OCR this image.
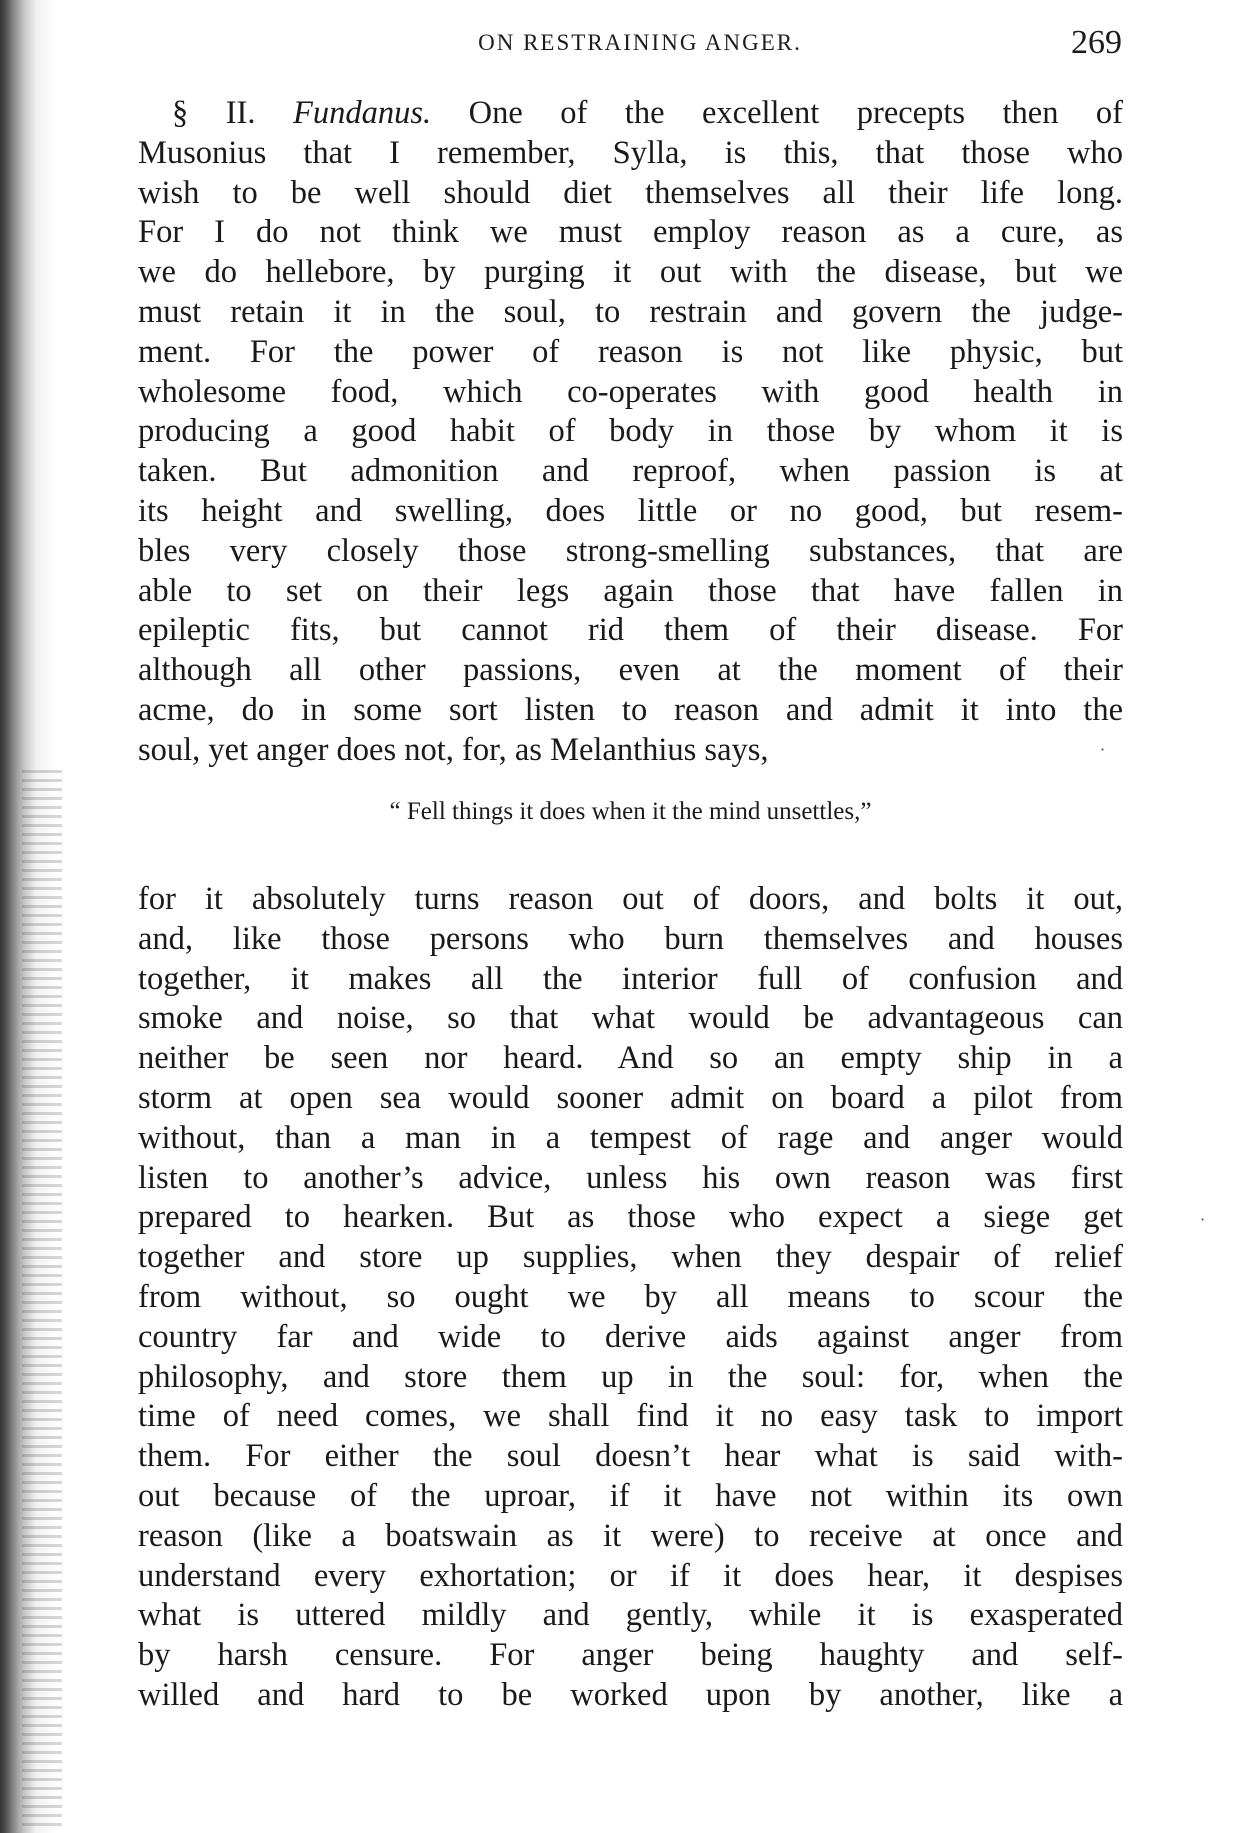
ON RESTRAINING ANGER.	269
§ II. Fundanus. One of the excellent precepts then of
Musonius that I remember, Sylla, is this, that those who
wish to be well should diet themselves all their life long.
For I do not think we must employ reason as a cure, as
we do hellebore, by purging it out with the disease, but we
must retain it in the soul, to restrain and govern the judge-
ment. For the power of reason is not like physic, but
wholesome food, which co-operates with good health in
producing a good habit of body in those by whom it is
taken. But admonition and reproof, when passion is at
its height and swelling, does little or no good, but resem-
bles very closely those strong-smelling substances, that are
able to set on their legs again those that have fallen in
epileptic fits, but cannot rid them of their disease. For
although all other passions, even at the moment of their
acme, do in some sort listen to reason and admit it into the
soul, yet anger does not, for, as Melanthius says,
“ Fell things it does when it the mind unsettles,”
for it absolutely turns reason out of doors, and bolts it out,
and, like those persons who burn themselves and houses
together, it makes all the interior full of confusion and
smoke and noise, so that what would be advantageous can
neither be seen nor heard. And so an empty ship in a
storm at open sea would sooner admit on board a pilot from
without, than a man in a tempest of rage and anger would
listen to another’s advice, unless his own reason was first
prepared to hearken. But as those who expect a siege get
together and store up supplies, when they despair of relief
from without, so ought we by all means to scour the
country far and wide to derive aids against anger from
philosophy, and store them up in the soul: for, when the
time of need comes, we shall find it no easy task to import
them. For either the soul doesn’t hear what is said with-
out because of the uproar, if it have not within its own
reason (like a boatswain as it were) to receive at once and
understand every exhortation; or if it does hear, it despises
what is uttered mildly and gently, while it is exasperated
by harsh censure. For anger being haughty and self-
willed and hard to be worked upon by another, like a
·
·
